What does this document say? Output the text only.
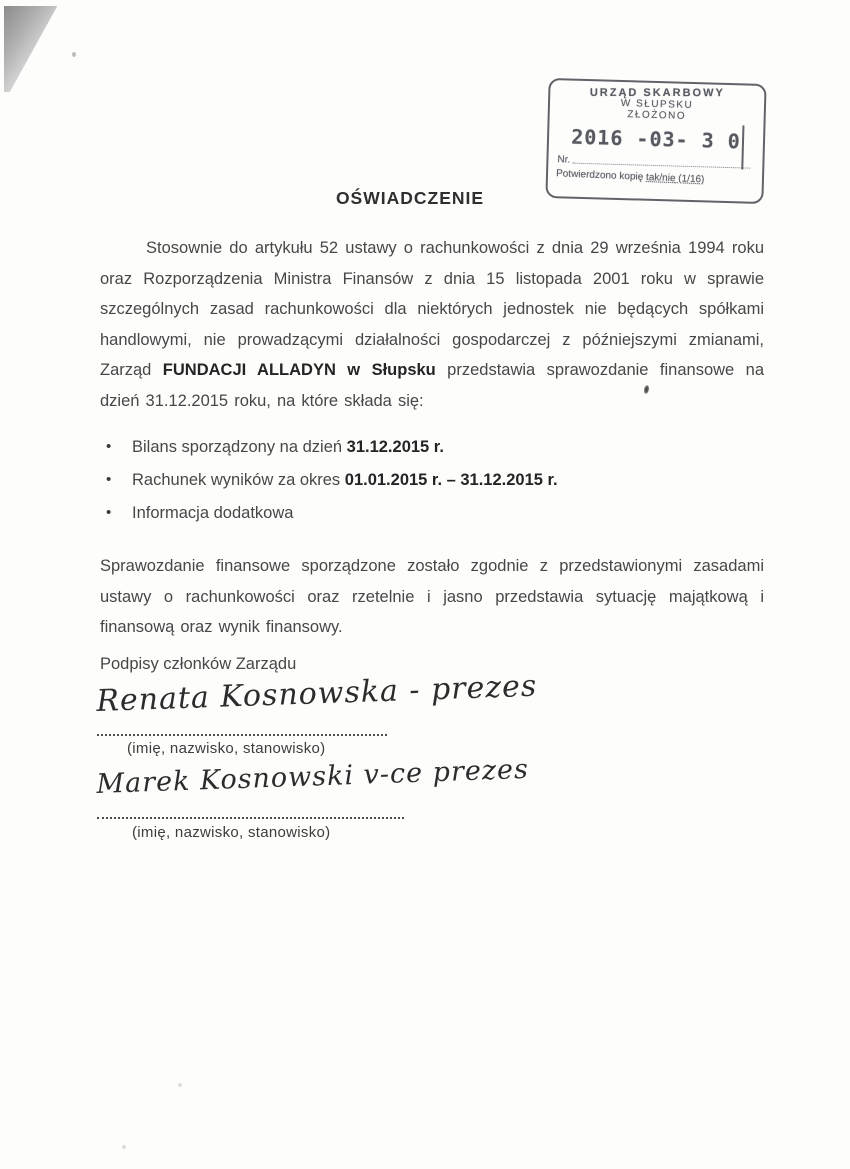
URZĄD SKARBOWY
W SŁUPSKU
ZŁOŻONO
2016 -03- 3 0
Nr.
Potwierdzono kopię tak/nie (1/16)
OŚWIADCZENIE

Stosownie do artykułu 52 ustawy o rachunkowości z dnia 29 września 1994 roku oraz Rozporządzenia Ministra Finansów z dnia 15 listopada 2001 roku w sprawie szczególnych zasad rachunkowości dla niektórych jednostek nie będących spółkami handlowymi, nie prowadzącymi działalności gospodarczej z późniejszymi zmianami, Zarząd FUNDACJI ALLADYN w Słupsku przedstawia sprawozdanie finansowe na dzień 31.12.2015 roku, na które składa się:

• Bilans sporządzony na dzień 31.12.2015 r.
• Rachunek wyników za okres 01.01.2015 r. – 31.12.2015 r.
• Informacja dodatkowa

Sprawozdanie finansowe sporządzone zostało zgodnie z przedstawionymi zasadami ustawy o rachunkowości oraz rzetelnie i jasno przedstawia sytuację majątkową i finansową oraz wynik finansowy.

Podpisy członków Zarządu
Renata Kosnowska - prezes
(imię, nazwisko, stanowisko)
Marek Kosnowski v-ce prezes
(imię, nazwisko, stanowisko)
